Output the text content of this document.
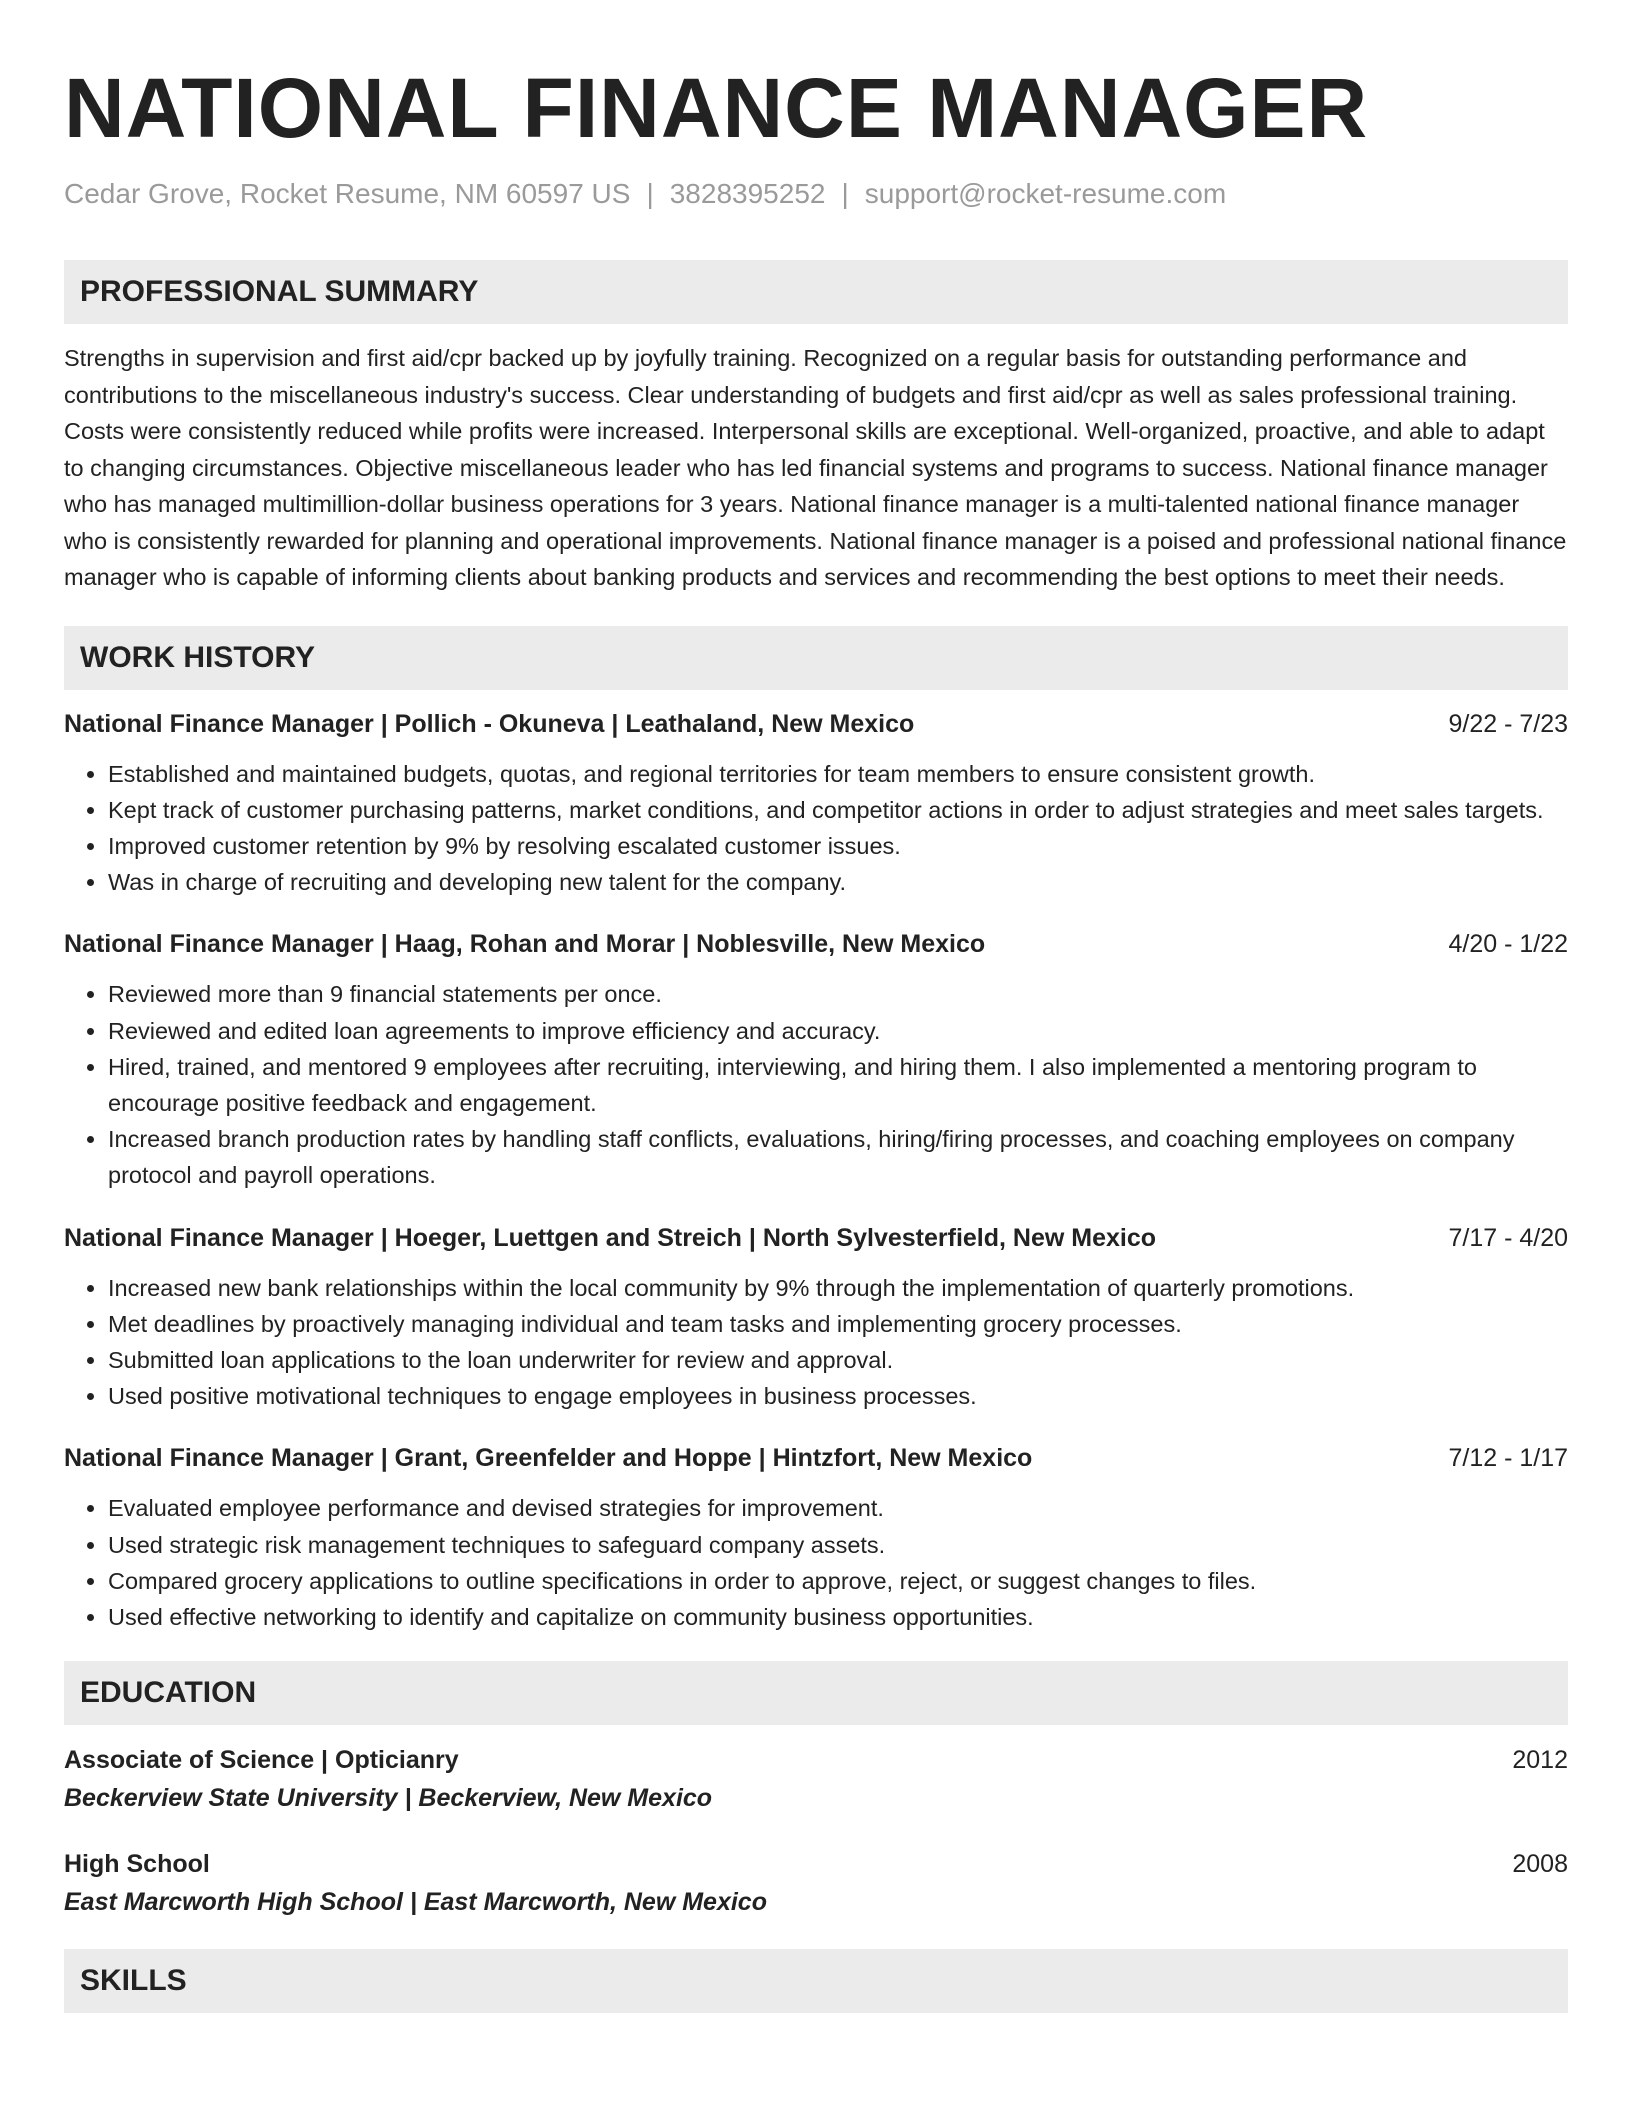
NATIONAL FINANCE MANAGER
Cedar Grove, Rocket Resume, NM 60597 US | 3828395252 | support@rocket-resume.com
PROFESSIONAL SUMMARY
Strengths in supervision and first aid/cpr backed up by joyfully training. Recognized on a regular basis for outstanding performance and contributions to the miscellaneous industry's success. Clear understanding of budgets and first aid/cpr as well as sales professional training. Costs were consistently reduced while profits were increased. Interpersonal skills are exceptional. Well-organized, proactive, and able to adapt to changing circumstances. Objective miscellaneous leader who has led financial systems and programs to success. National finance manager who has managed multimillion-dollar business operations for 3 years. National finance manager is a multi-talented national finance manager who is consistently rewarded for planning and operational improvements. National finance manager is a poised and professional national finance manager who is capable of informing clients about banking products and services and recommending the best options to meet their needs.
WORK HISTORY
National Finance Manager | Pollich - Okuneva | Leathaland, New Mexico	9/22 - 7/23
• Established and maintained budgets, quotas, and regional territories for team members to ensure consistent growth.
• Kept track of customer purchasing patterns, market conditions, and competitor actions in order to adjust strategies and meet sales targets.
• Improved customer retention by 9% by resolving escalated customer issues.
• Was in charge of recruiting and developing new talent for the company.
National Finance Manager | Haag, Rohan and Morar | Noblesville, New Mexico	4/20 - 1/22
• Reviewed more than 9 financial statements per once.
• Reviewed and edited loan agreements to improve efficiency and accuracy.
• Hired, trained, and mentored 9 employees after recruiting, interviewing, and hiring them. I also implemented a mentoring program to encourage positive feedback and engagement.
• Increased branch production rates by handling staff conflicts, evaluations, hiring/firing processes, and coaching employees on company protocol and payroll operations.
National Finance Manager | Hoeger, Luettgen and Streich | North Sylvesterfield, New Mexico	7/17 - 4/20
• Increased new bank relationships within the local community by 9% through the implementation of quarterly promotions.
• Met deadlines by proactively managing individual and team tasks and implementing grocery processes.
• Submitted loan applications to the loan underwriter for review and approval.
• Used positive motivational techniques to engage employees in business processes.
National Finance Manager | Grant, Greenfelder and Hoppe | Hintzfort, New Mexico	7/12 - 1/17
• Evaluated employee performance and devised strategies for improvement.
• Used strategic risk management techniques to safeguard company assets.
• Compared grocery applications to outline specifications in order to approve, reject, or suggest changes to files.
• Used effective networking to identify and capitalize on community business opportunities.
EDUCATION
Associate of Science | Opticianry	2012
Beckerview State University | Beckerview, New Mexico
High School	2008
East Marcworth High School | East Marcworth, New Mexico
SKILLS
